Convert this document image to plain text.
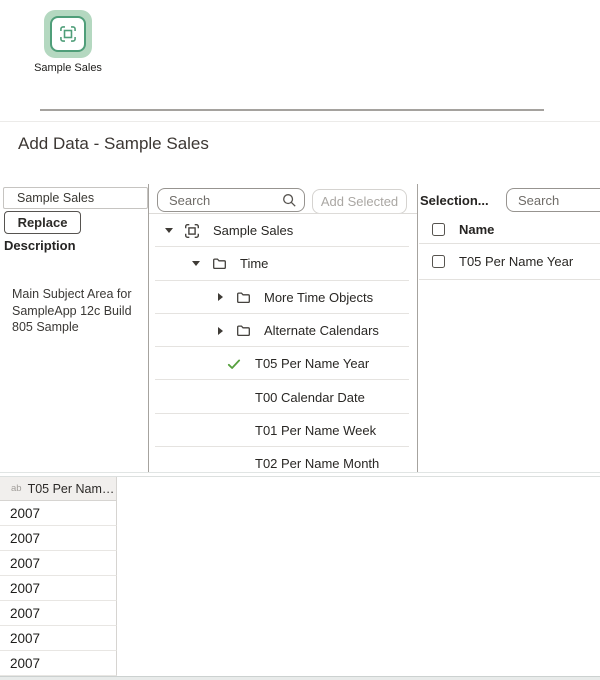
Sample Sales
Add Data - Sample Sales
Sample Sales
Replace
Description
Main Subject Area for SampleApp 12c Build 805 Sample
Search
Add Selected
Sample Sales
Time
More Time Objects
Alternate Calendars
T05 Per Name Year
T00 Calendar Date
T01 Per Name Week
T02 Per Name Month
Selection...
Search
Name
T05 Per Name Year
ab T05 Per Nam…
2007
2007
2007
2007
2007
2007
2007
